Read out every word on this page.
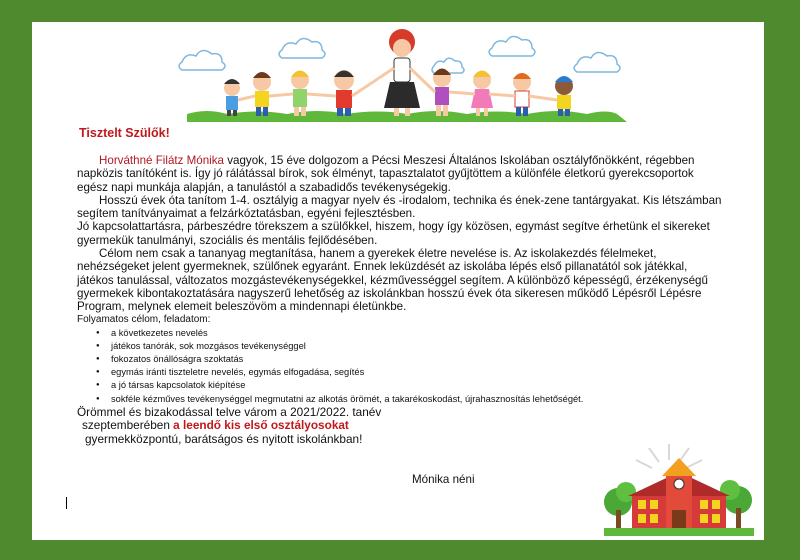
Tisztelt Szülők!

Horváthné Filátz Mónika vagyok, 15 éve dolgozom a Pécsi Meszesi Általános Iskolában osztályfőnökként, régebben napközis tanítóként is. Így jó rálátással bírok, sok élményt, tapasztalatot gyűjtöttem a különféle életkorú gyerekcsoportok egész napi munkája alapján, a tanulástól a szabadidős tevékenységekig.

Hosszú évek óta tanítom 1-4. osztályig a magyar nyelv és -irodalom, technika és ének-zene tantárgyakat. Kis létszámban segítem tanítványaimat a felzárkóztatásban, egyéni fejlesztésben.

Jó kapcsolattartásra, párbeszédre törekszem a szülőkkel, hiszem, hogy így közösen, egymást segítve érhetünk el sikereket gyermekük tanulmányi, szociális és mentális fejlődésében.

Célom nem csak a tananyag megtanítása, hanem a gyerekek életre nevelése is. Az iskolakezdés félelmeket, nehézségeket jelent gyermeknek, szülőnek egyaránt. Ennek leküzdését az iskolába lépés első pillanatától sok játékkal, játékos tanulással, változatos mozgástevékenységekkel, kézművességgel segítem. A különböző képességű, érzékenységű gyermekek kibontakoztatására nagyszerű lehetőség az iskolánkban hosszú évek óta sikeresen működő Lépésről Lépésre Program, melynek elemeit beleszövöm a mindennapi életünkbe.

Folyamatos célom, feladatom:

● a következetes nevelés
● játékos tanórák, sok mozgásos tevékenységgel
● fokozatos önállóságra szoktatás
● egymás iránti tiszteletre nevelés, egymás elfogadása, segítés
● a jó társas kapcsolatok kiépítése
● sokféle kézműves tevékenységgel megmutatni az alkotás örömét, a takarékoskodást, újrahasznosítás lehetőségét.

Örömmel és bizakodással telve várom a 2021/2022. tanév

szeptemberében a leendő kis első osztályosokat

gyermekközpontú, barátságos és nyitott iskolánkban!

Mónika néni
